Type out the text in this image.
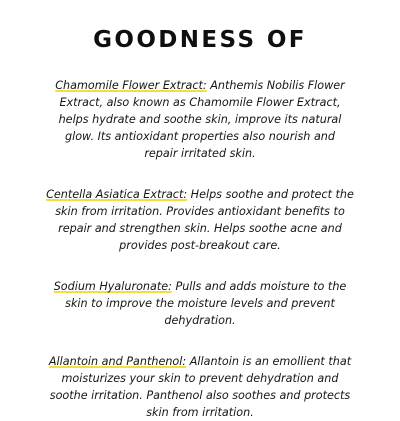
GOODNESS OF

Chamomile Flower Extract: Anthemis Nobilis Flower
Extract, also known as Chamomile Flower Extract,
helps hydrate and soothe skin, improve its natural
glow. Its antioxidant properties also nourish and
repair irritated skin.

Centella Asiatica Extract: Helps soothe and protect the
skin from irritation. Provides antioxidant benefits to
repair and strengthen skin. Helps soothe acne and
provides post-breakout care.

Sodium Hyaluronate: Pulls and adds moisture to the
skin to improve the moisture levels and prevent
dehydration.

Allantoin and Panthenol: Allantoin is an emollient that
moisturizes your skin to prevent dehydration and
soothe irritation. Panthenol also soothes and protects
skin from irritation.
